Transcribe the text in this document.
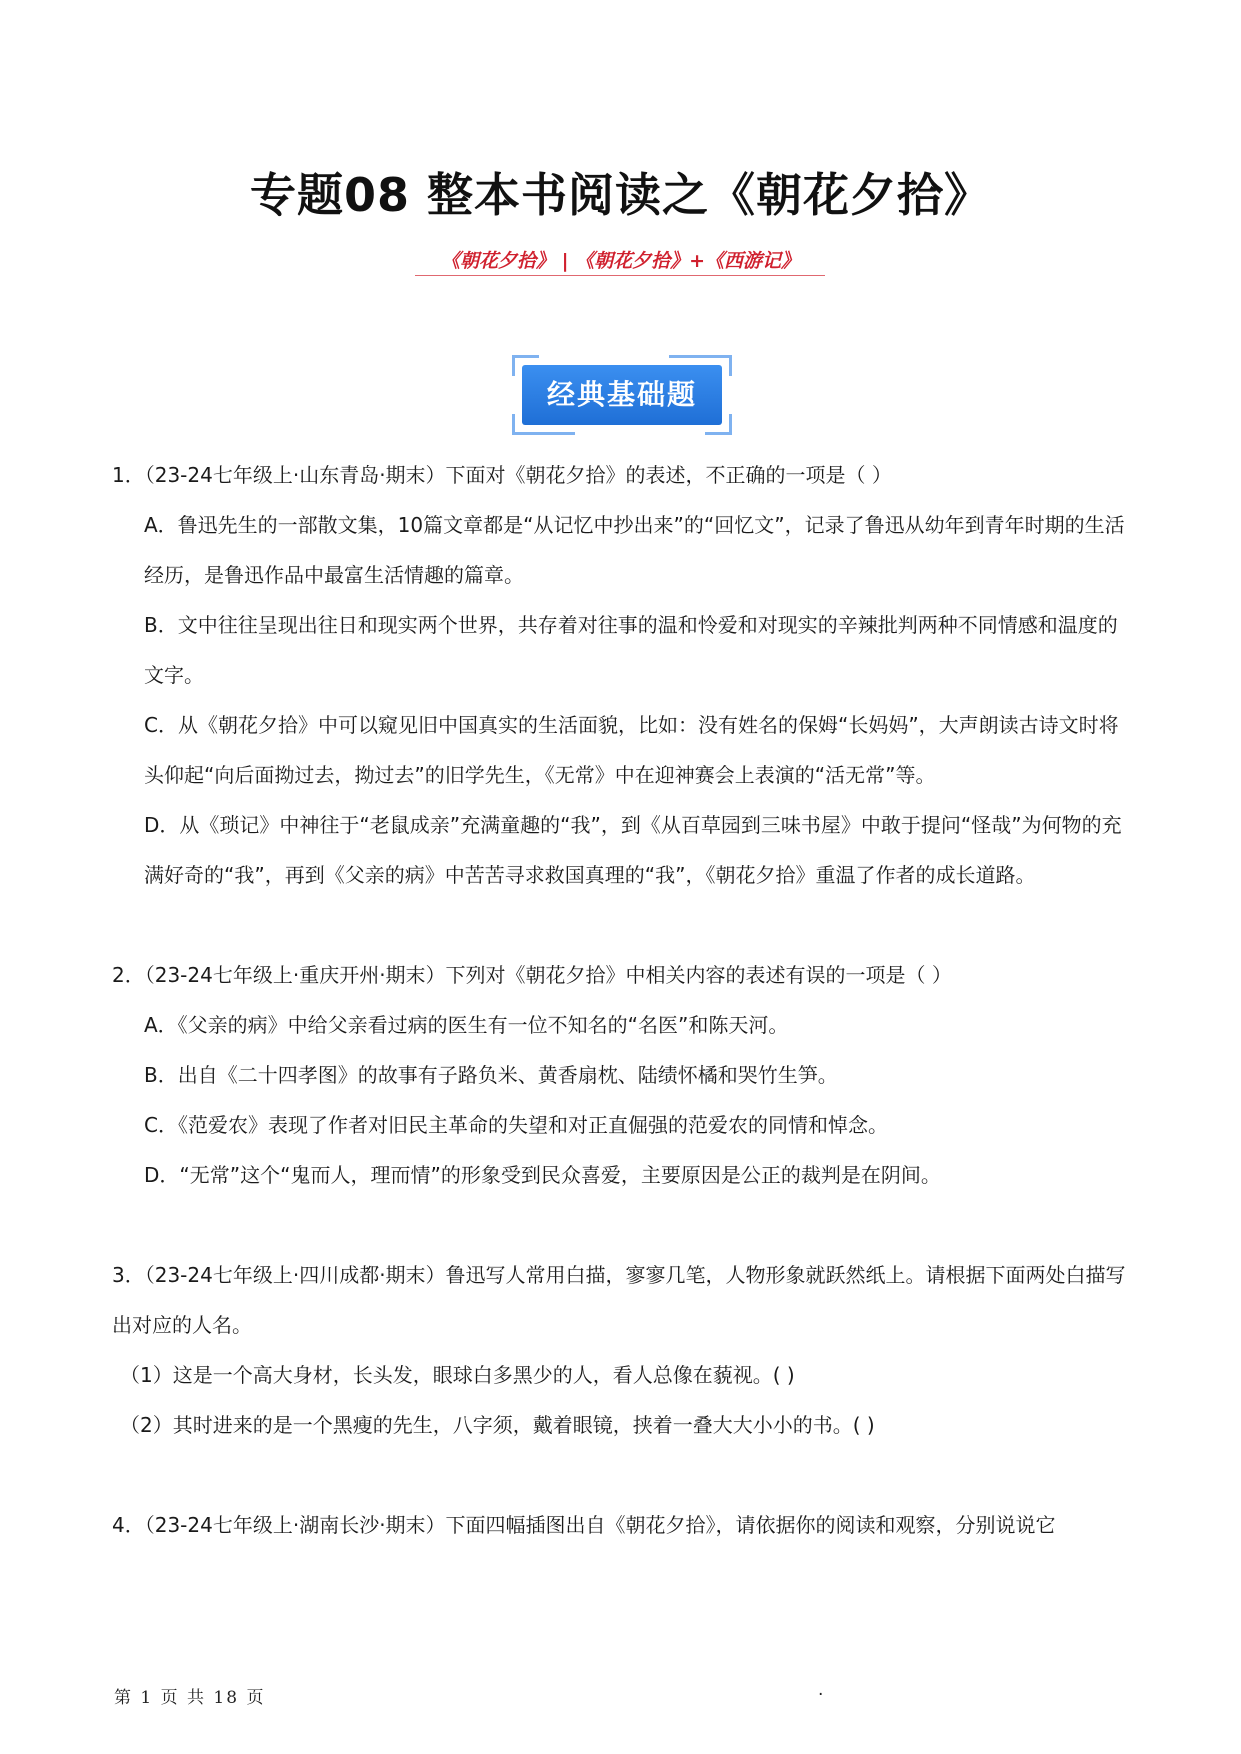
专题08 整本书阅读之《朝花夕拾》
《朝花夕拾》 | 《朝花夕拾》+《西游记》
经典基础题

1．（23-24七年级上·山东青岛·期末）下面对《朝花夕拾》的表述，不正确的一项是（ ）

A．鲁迅先生的一部散文集，10篇文章都是“从记忆中抄出来”的“回忆文”，记录了鲁迅从幼年到青年时期的生活经历，是鲁迅作品中最富生活情趣的篇章。

B．文中往往呈现出往日和现实两个世界，共存着对往事的温和怜爱和对现实的辛辣批判两种不同情感和温度的文字。

C．从《朝花夕拾》中可以窥见旧中国真实的生活面貌，比如：没有姓名的保姆“长妈妈”，大声朗读古诗文时将头仰起“向后面拗过去，拗过去”的旧学先生，《无常》中在迎神赛会上表演的“活无常”等。

D．从《琐记》中神往于“老鼠成亲”充满童趣的“我”，到《从百草园到三味书屋》中敢于提问“怪哉”为何物的充满好奇的“我”，再到《父亲的病》中苦苦寻求救国真理的“我”，《朝花夕拾》重温了作者的成长道路。

2．（23-24七年级上·重庆开州·期末）下列对《朝花夕拾》中相关内容的表述有误的一项是（ ）

A．《父亲的病》中给父亲看过病的医生有一位不知名的“名医”和陈天河。

B．出自《二十四孝图》的故事有子路负米、黄香扇枕、陆绩怀橘和哭竹生笋。

C．《范爱农》表现了作者对旧民主革命的失望和对正直倔强的范爱农的同情和悼念。

D．“无常”这个“鬼而人，理而情”的形象受到民众喜爱，主要原因是公正的裁判是在阴间。

3．（23-24七年级上·四川成都·期末）鲁迅写人常用白描，寥寥几笔，人物形象就跃然纸上。请根据下面两处白描写出对应的人名。

（1）这是一个高大身材，长头发，眼球白多黑少的人，看人总像在藐视。( )

（2）其时进来的是一个黑瘦的先生，八字须，戴着眼镜，挟着一叠大大小小的书。( )

4．（23-24七年级上·湖南长沙·期末）下面四幅插图出自《朝花夕拾》，请依据你的阅读和观察，分别说说它

第 1 页 共 18 页	.
